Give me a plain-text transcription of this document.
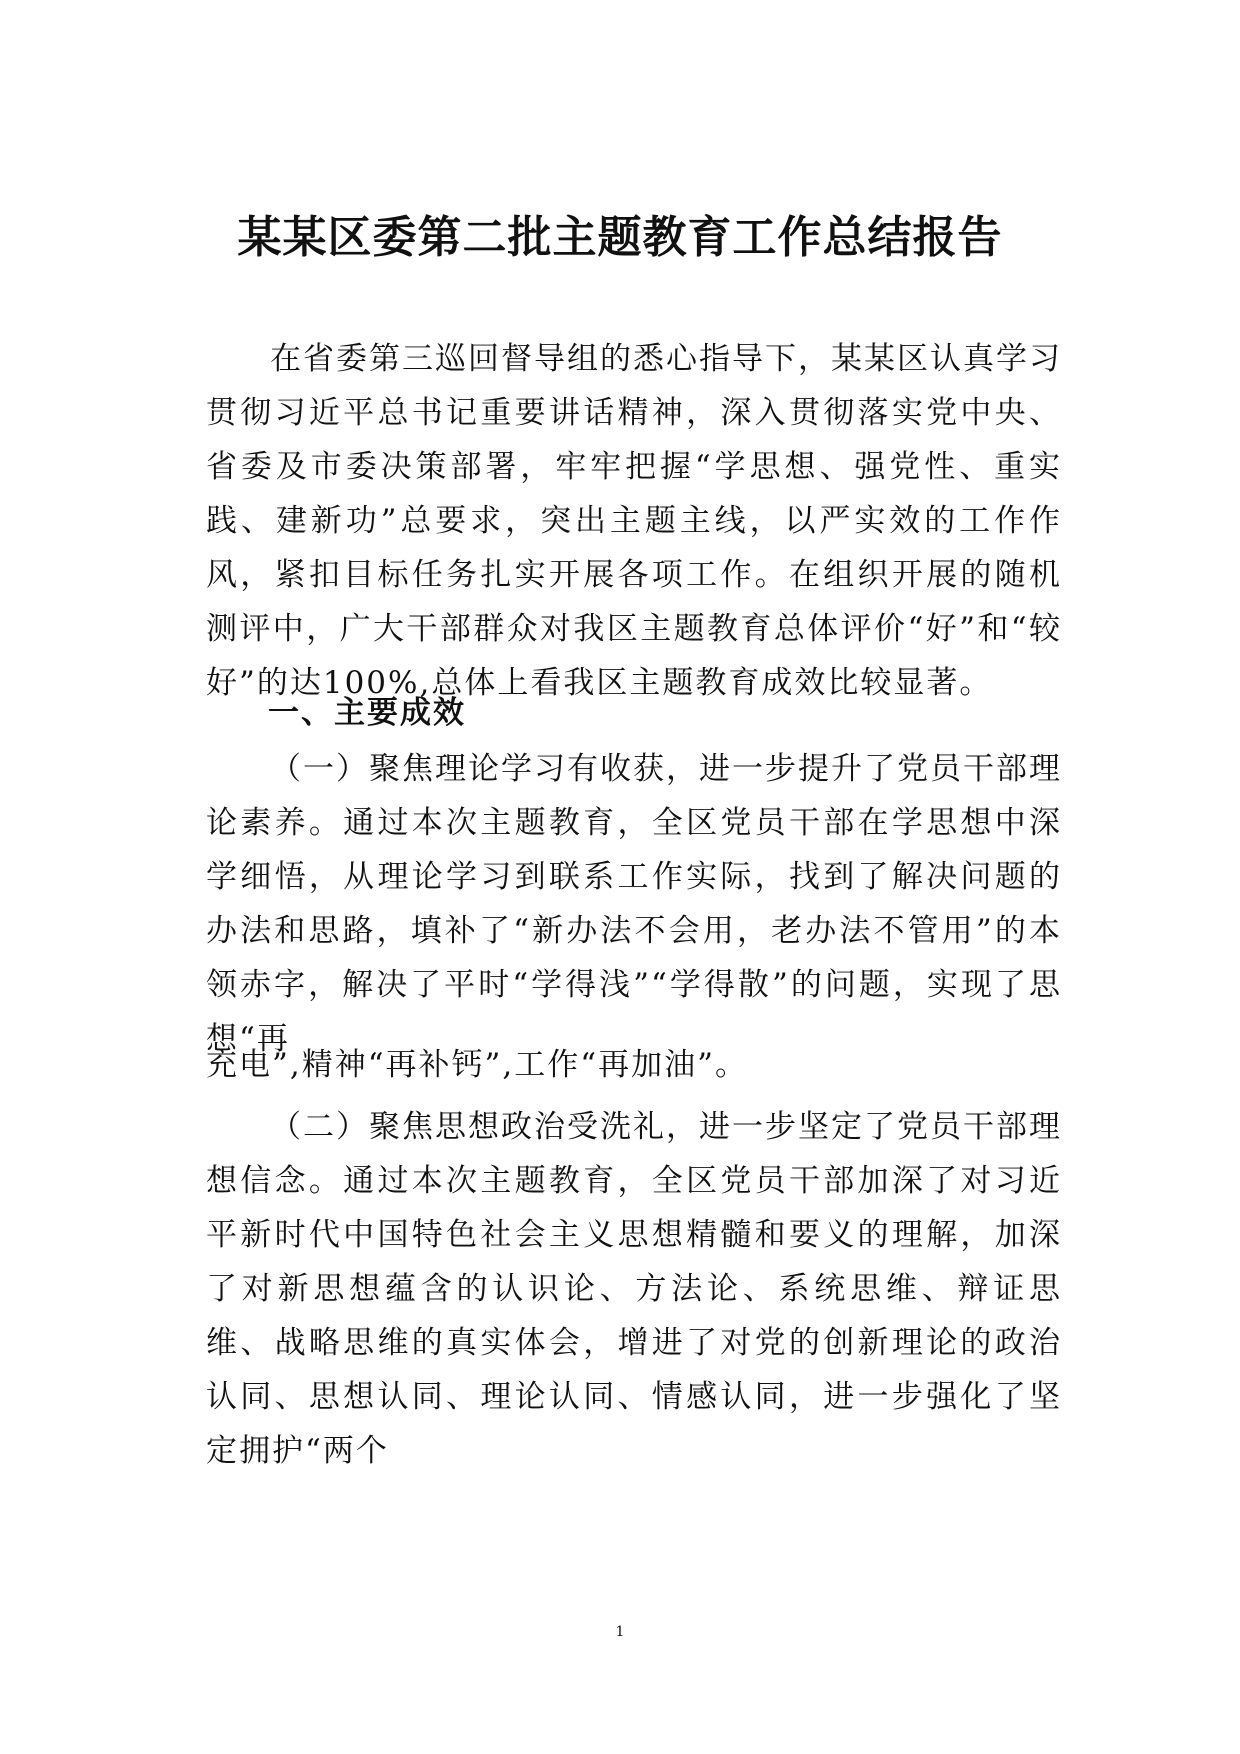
某某区委第二批主题教育工作总结报告

在省委第三巡回督导组的悉心指导下，某某区认真学习贯彻习近平总书记重要讲话精神，深入贯彻落实党中央、省委及市委决策部署，牢牢把握“学思想、强党性、重实践、建新功”总要求，突出主题主线，以严实效的工作作风，紧扣目标任务扎实开展各项工作。在组织开展的随机测评中，广大干部群众对我区主题教育总体评价“好”和“较好”的达100%,总体上看我区主题教育成效比较显著。

一、主要成效

（一）聚焦理论学习有收获，进一步提升了党员干部理论素养。通过本次主题教育，全区党员干部在学思想中深学细悟，从理论学习到联系工作实际，找到了解决问题的办法和思路，填补了“新办法不会用，老办法不管用”的本领赤字，解决了平时“学得浅”“学得散”的问题，实现了思想“再

充电”,精神“再补钙”,工作“再加油”。

（二）聚焦思想政治受洗礼，进一步坚定了党员干部理想信念。通过本次主题教育，全区党员干部加深了对习近平新时代中国特色社会主义思想精髓和要义的理解，加深了对新思想蕴含的认识论、方法论、系统思维、辩证思维、战略思维的真实体会，增进了对党的创新理论的政治认同、思想认同、理论认同、情感认同，进一步强化了坚定拥护“两个

1
